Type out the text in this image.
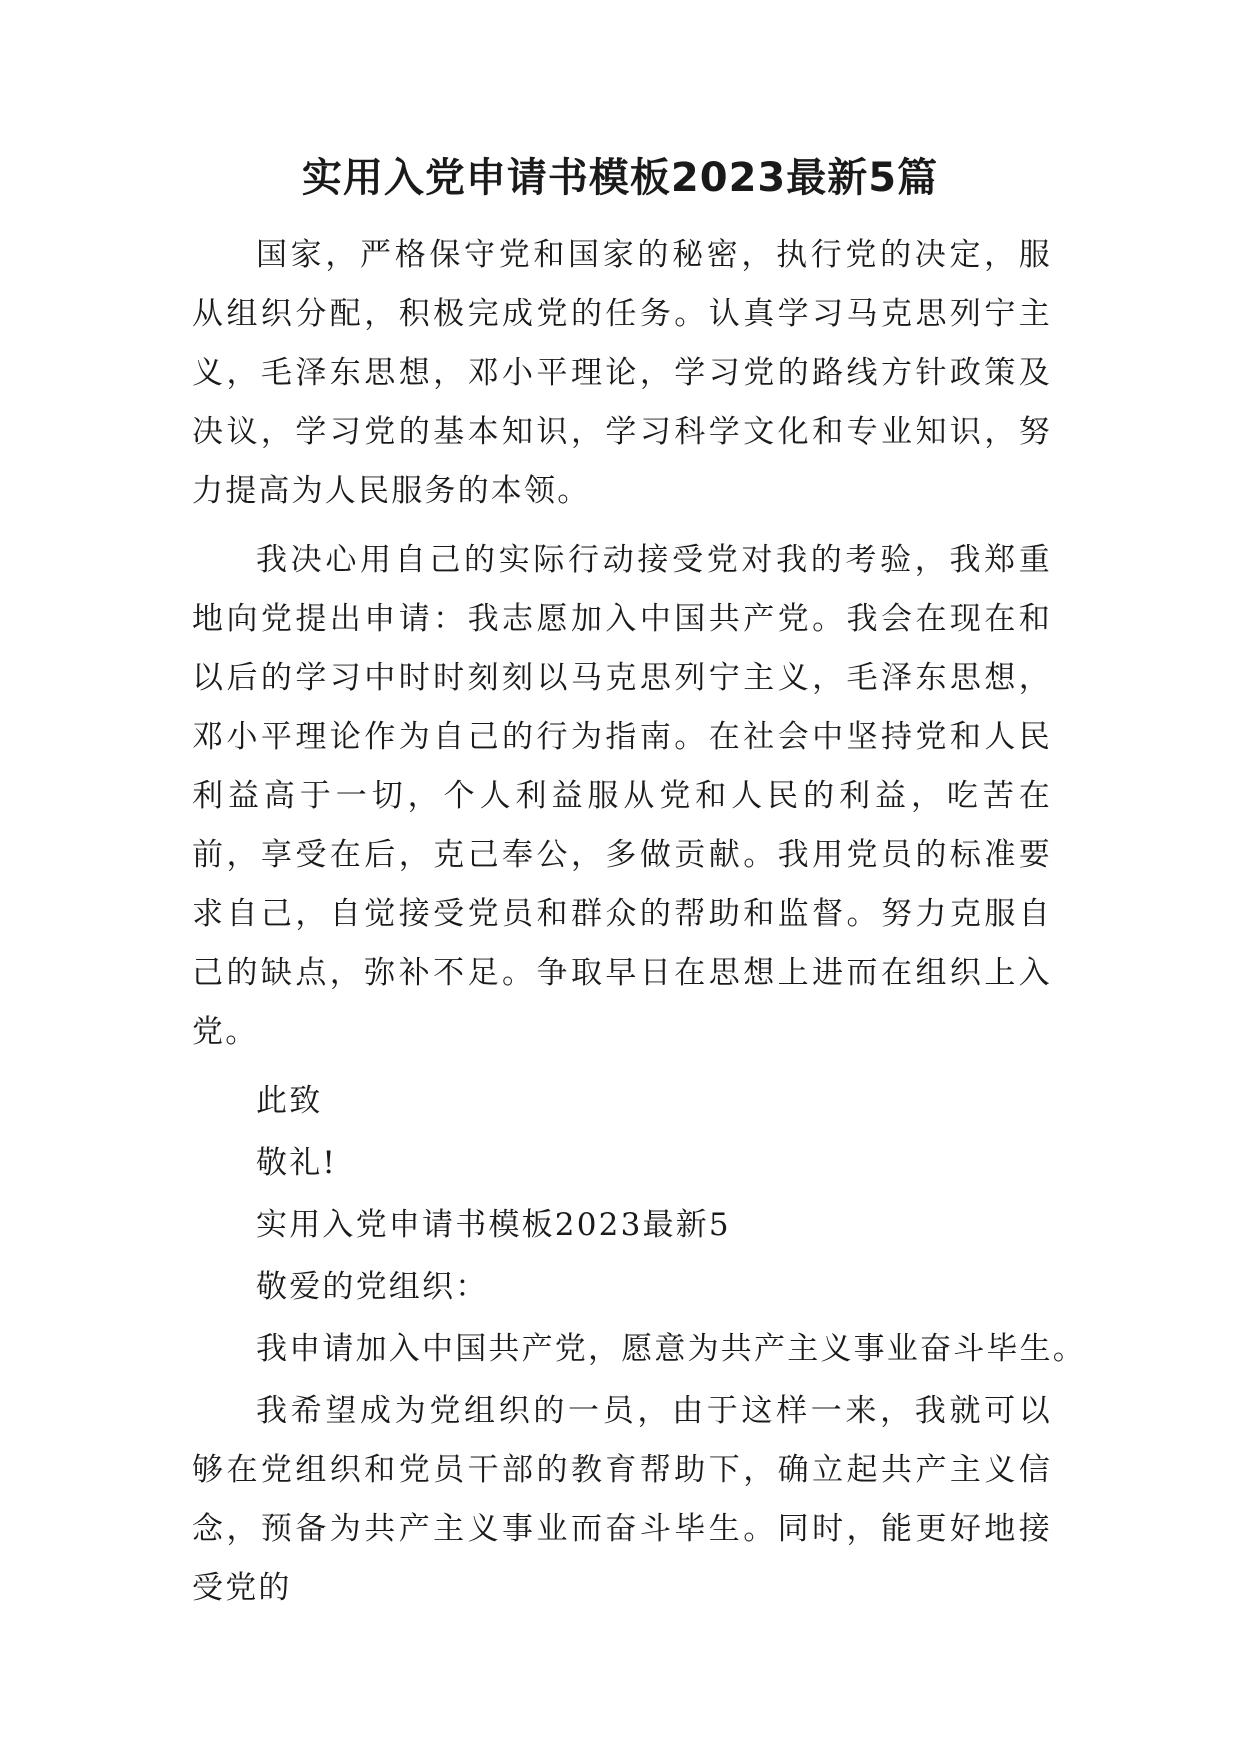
实用入党申请书模板2023最新5篇

国家，严格保守党和国家的秘密，执行党的决定，服从组织分配，积极完成党的任务。认真学习马克思列宁主义，毛泽东思想，邓小平理论，学习党的路线方针政策及决议，学习党的基本知识，学习科学文化和专业知识，努力提高为人民服务的本领。

我决心用自己的实际行动接受党对我的考验，我郑重地向党提出申请：我志愿加入中国共产党。我会在现在和以后的学习中时时刻刻以马克思列宁主义，毛泽东思想，邓小平理论作为自己的行为指南。在社会中坚持党和人民利益高于一切，个人利益服从党和人民的利益，吃苦在前，享受在后，克己奉公，多做贡献。我用党员的标准要求自己，自觉接受党员和群众的帮助和监督。努力克服自己的缺点，弥补不足。争取早日在思想上进而在组织上入党。

此致

敬礼!

实用入党申请书模板2023最新5

敬爱的党组织：

我申请加入中国共产党，愿意为共产主义事业奋斗毕生。

我希望成为党组织的一员，由于这样一来，我就可以够在党组织和党员干部的教育帮助下，确立起共产主义信念，预备为共产主义事业而奋斗毕生。同时，能更好地接受党的
